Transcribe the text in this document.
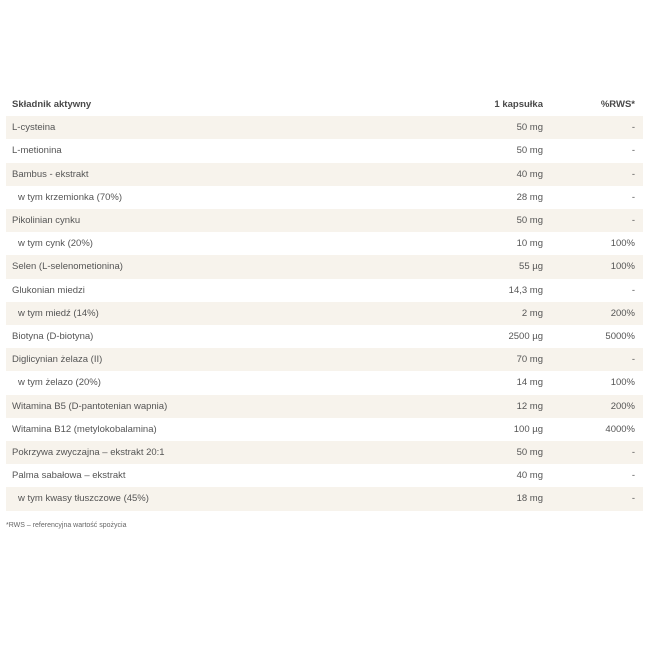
Składnik aktywny	1 kapsułka	%RWS*
L-cysteina	50 mg	-
L-metionina	50 mg	-
Bambus - ekstrakt	40 mg	-
w tym krzemionka (70%)	28 mg	-
Pikolinian cynku	50 mg	-
w tym cynk (20%)	10 mg	100%
Selen (L-selenometionina)	55 µg	100%
Glukonian miedzi	14,3 mg	-
w tym miedź (14%)	2 mg	200%
Biotyna (D-biotyna)	2500 µg	5000%
Diglicynian żelaza (II)	70 mg	-
w tym żelazo (20%)	14 mg	100%
Witamina B5 (D-pantotenian wapnia)	12 mg	200%
Witamina B12 (metylokobalamina)	100 µg	4000%
Pokrzywa zwyczajna – ekstrakt 20:1	50 mg	-
Palma sabałowa – ekstrakt	40 mg	-
w tym kwasy tłuszczowe (45%)	18 mg	-
*RWS – referencyjna wartość spożycia
